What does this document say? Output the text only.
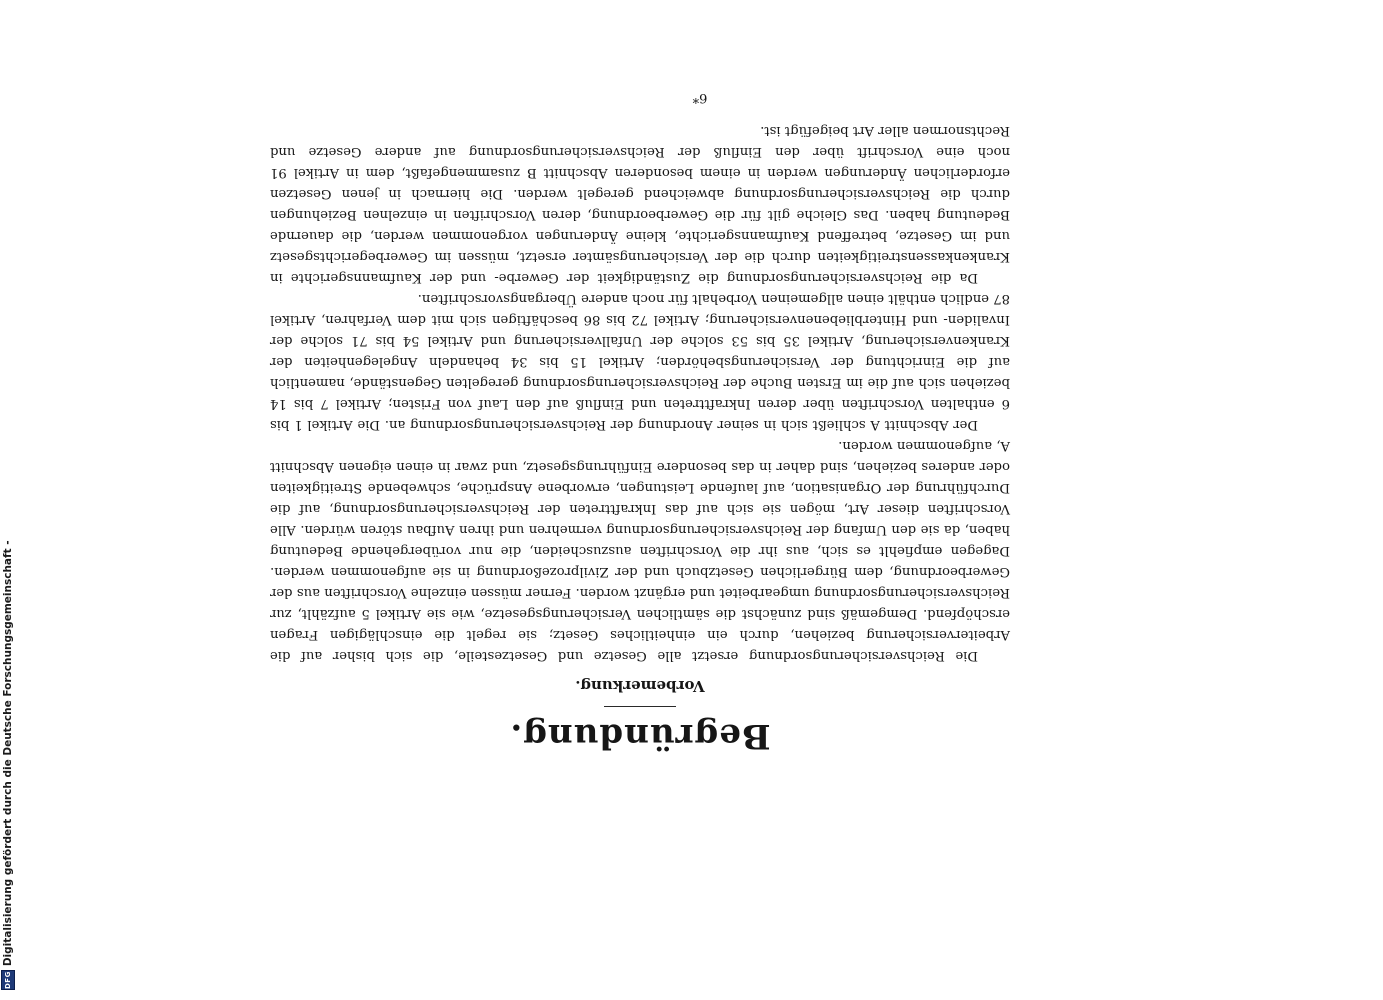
Begründung.
Vorbemerkung.

Die Reichsversicherungsordnung ersetzt alle Gesetze und Gesetzesteile, die sich bisher auf die Arbeiterversicherung beziehen, durch ein einheitliches Gesetz; sie regelt die einschlägigen Fragen erschöpfend. Demgemäß sind zunächst die sämtlichen Versicherungsgesetze, wie sie Artikel 5 aufzählt, zur Reichsversicherungsordnung umgearbeitet und ergänzt worden. Ferner müssen einzelne Vorschriften aus der Gewerbeordnung, dem Bürgerlichen Gesetzbuch und der Zivilprozeßordnung in sie aufgenommen werden. Dagegen empfiehlt es sich, aus ihr die Vorschriften auszuscheiden, die nur vorübergehende Bedeutung haben, da sie den Umfang der Reichsversicherungsordnung vermehren und ihren Aufbau stören würden. Alle Vorschriften dieser Art, mögen sie sich auf das Inkrafttreten der Reichsversicherungsordnung, auf die Durchführung der Organisation, auf laufende Leistungen, erworbene Ansprüche, schwebende Streitigkeiten oder anderes beziehen, sind daher in das besondere Einführungsgesetz, und zwar in einen eigenen Abschnitt A, aufgenommen worden.

Der Abschnitt A schließt sich in seiner Anordnung der Reichsversicherungsordnung an. Die Artikel 1 bis 6 enthalten Vorschriften über deren Inkrafttreten und Einfluß auf den Lauf von Fristen; Artikel 7 bis 14 beziehen sich auf die im Ersten Buche der Reichsversicherungsordnung geregelten Gegenstände, namentlich auf die Einrichtung der Versicherungsbehörden; Artikel 15 bis 34 behandeln Angelegenheiten der Krankenversicherung, Artikel 35 bis 53 solche der Unfallversicherung und Artikel 54 bis 71 solche der Invaliden- und Hinterbliebenenversicherung; Artikel 72 bis 86 beschäftigen sich mit dem Verfahren, Artikel 87 endlich enthält einen allgemeinen Vorbehalt für noch andere Übergangsvorschriften.

Da die Reichsversicherungsordnung die Zuständigkeit der Gewerbe- und der Kaufmannsgerichte in Krankenkassenstreitigkeiten durch die der Versicherungsämter ersetzt, müssen im Gewerbegerichtsgesetz und im Gesetze, betreffend Kaufmannsgerichte, kleine Änderungen vorgenommen werden, die dauernde Bedeutung haben. Das Gleiche gilt für die Gewerbeordnung, deren Vorschriften in einzelnen Beziehungen durch die Reichsversicherungsordnung abweichend geregelt werden. Die hiernach in jenen Gesetzen erforderlichen Änderungen werden in einem besonderen Abschnitt B zusammengefaßt, dem in Artikel 91 noch eine Vorschrift über den Einfluß der Reichsversicherungsordnung auf andere Gesetze und Rechtsnormen aller Art beigefügt ist.

6*
DFG
Digitalisierung gefördert durch die Deutsche Forschungsgemeinschaft -
